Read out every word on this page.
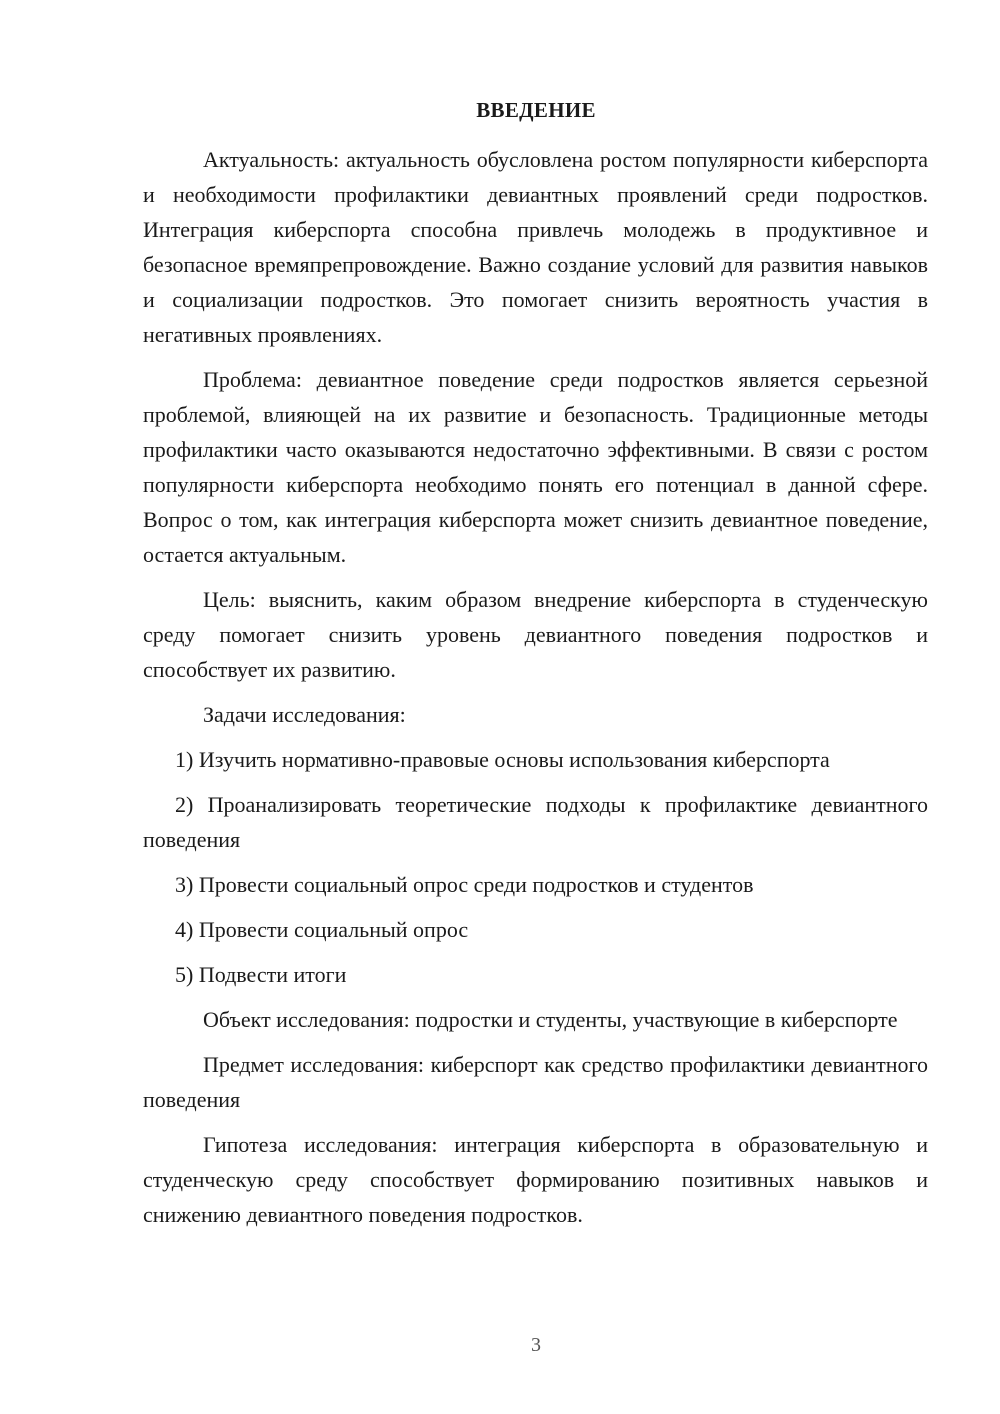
ВВЕДЕНИЕ

Актуальность: актуальность обусловлена ростом популярности киберспорта и необходимости профилактики девиантных проявлений среди подростков. Интеграция киберспорта способна привлечь молодежь в продуктивное и безопасное времяпрепровождение. Важно создание условий для развития навыков и социализации подростков. Это помогает снизить вероятность участия в негативных проявлениях.

Проблема: девиантное поведение среди подростков является серьезной проблемой, влияющей на их развитие и безопасность. Традиционные методы профилактики часто оказываются недостаточно эффективными. В связи с ростом популярности киберспорта необходимо понять его потенциал в данной сфере. Вопрос о том, как интеграция киберспорта может снизить девиантное поведение, остается актуальным.

Цель: выяснить, каким образом внедрение киберспорта в студенческую среду помогает снизить уровень девиантного поведения подростков и способствует их развитию.

Задачи исследования:

1) Изучить нормативно-правовые основы использования киберспорта

2) Проанализировать теоретические подходы к профилактике девиантного поведения

3) Провести социальный опрос среди подростков и студентов

4) Провести социальный опрос

5) Подвести итоги

Объект исследования: подростки и студенты, участвующие в киберспорте

Предмет исследования: киберспорт как средство профилактики девиантного поведения

Гипотеза исследования: интеграция киберспорта в образовательную и студенческую среду способствует формированию позитивных навыков и снижению девиантного поведения подростков.

3
